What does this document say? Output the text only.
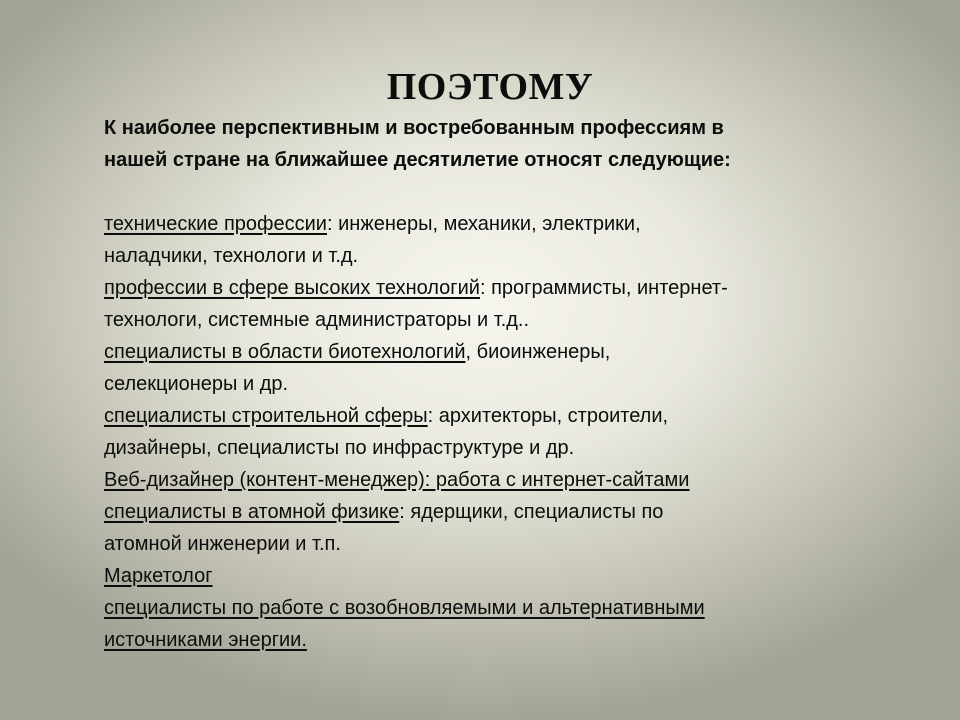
ПОЭТОМУ
К наиболее перспективным и востребованным профессиям в
нашей стране на ближайшее десятилетие относят следующие:

технические профессии: инженеры, механики, электрики,

наладчики, технологи и т.д.

профессии в сфере высоких технологий: программисты, интернет-

технологи, системные администраторы и т.д..

специалисты в области биотехнологий, биоинженеры,

селекционеры и др.

специалисты строительной сферы: архитекторы, строители,

дизайнеры, специалисты по инфраструктуре и др.

Веб-дизайнер (контент-менеджер): работа с интернет-сайтами

специалисты в атомной физике: ядерщики, специалисты по

атомной инженерии и т.п.

Маркетолог

специалисты по работе с возобновляемыми и альтернативными

источниками энергии.
